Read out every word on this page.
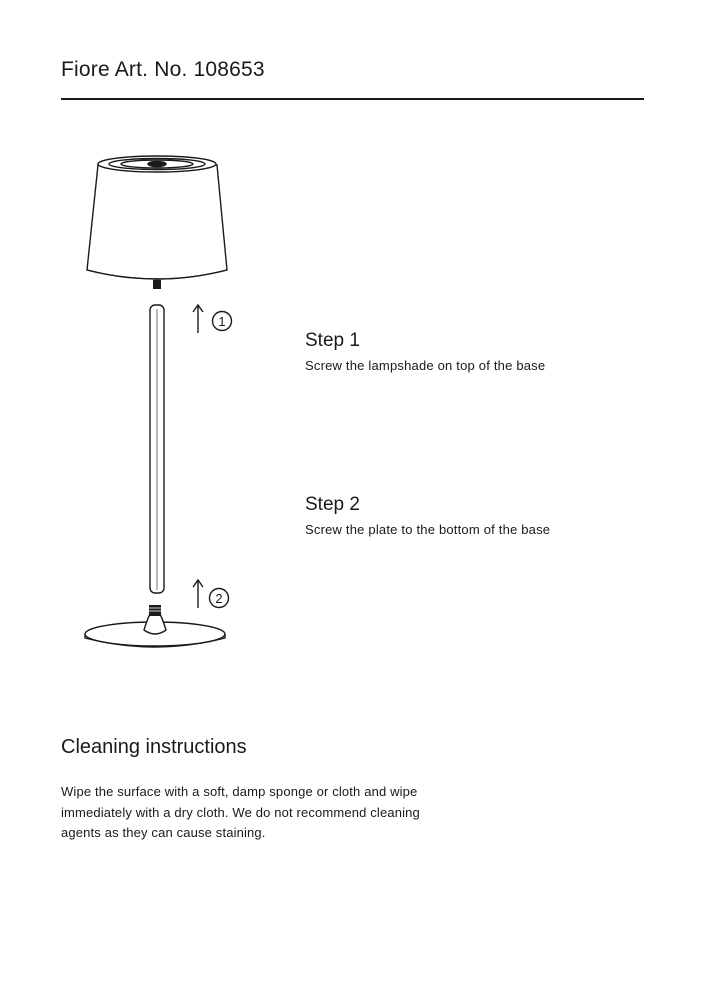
Fiore Art. No. 108653
1
2
Step 1

Screw the lampshade on top of the base

Step 2

Screw the plate to the bottom of the base

Cleaning instructions

Wipe the surface with a soft, damp sponge or cloth and wipe immediately with a dry cloth. We do not recommend cleaning agents as they can cause staining.
